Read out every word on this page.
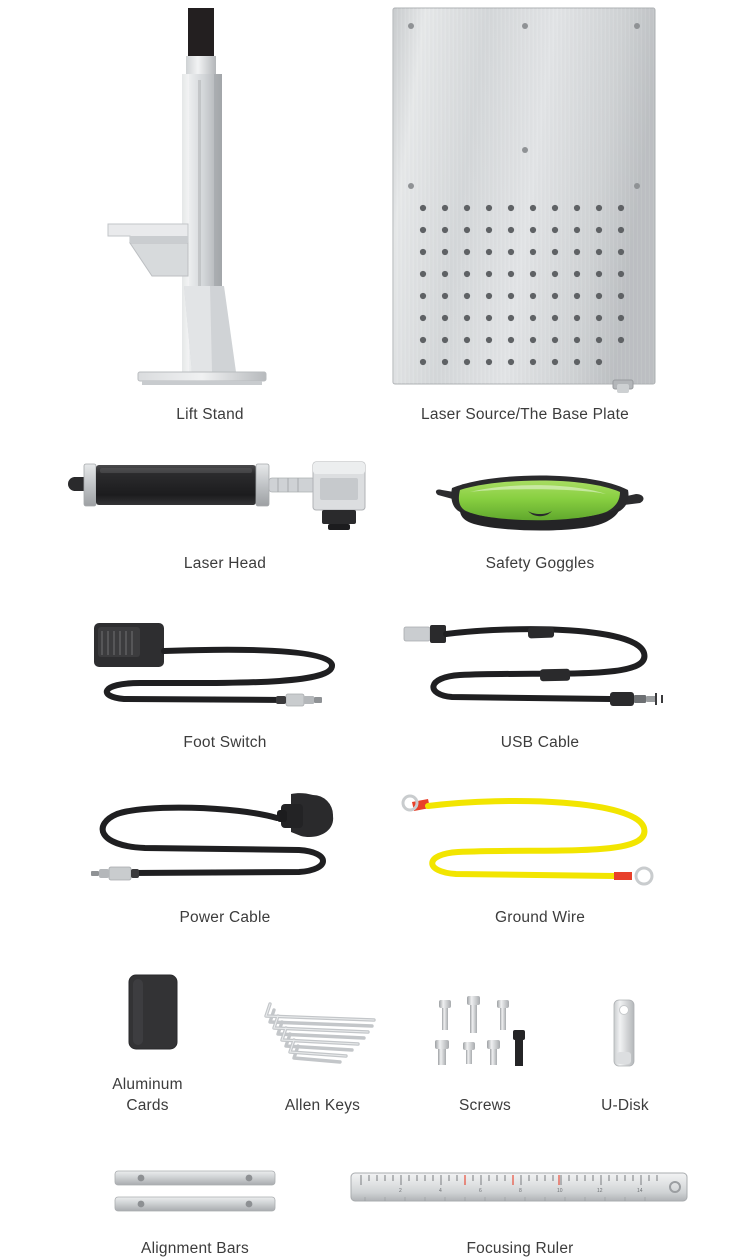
Lift Stand	Laser Source/The Base Plate
Laser Head	Safety Goggles
Foot Switch	USB Cable
Power Cable	Ground Wire
Aluminum
Cards	Allen Keys	Screws	U-Disk
Alignment Bars
2	4	6	8	10	12	14
Focusing Ruler
